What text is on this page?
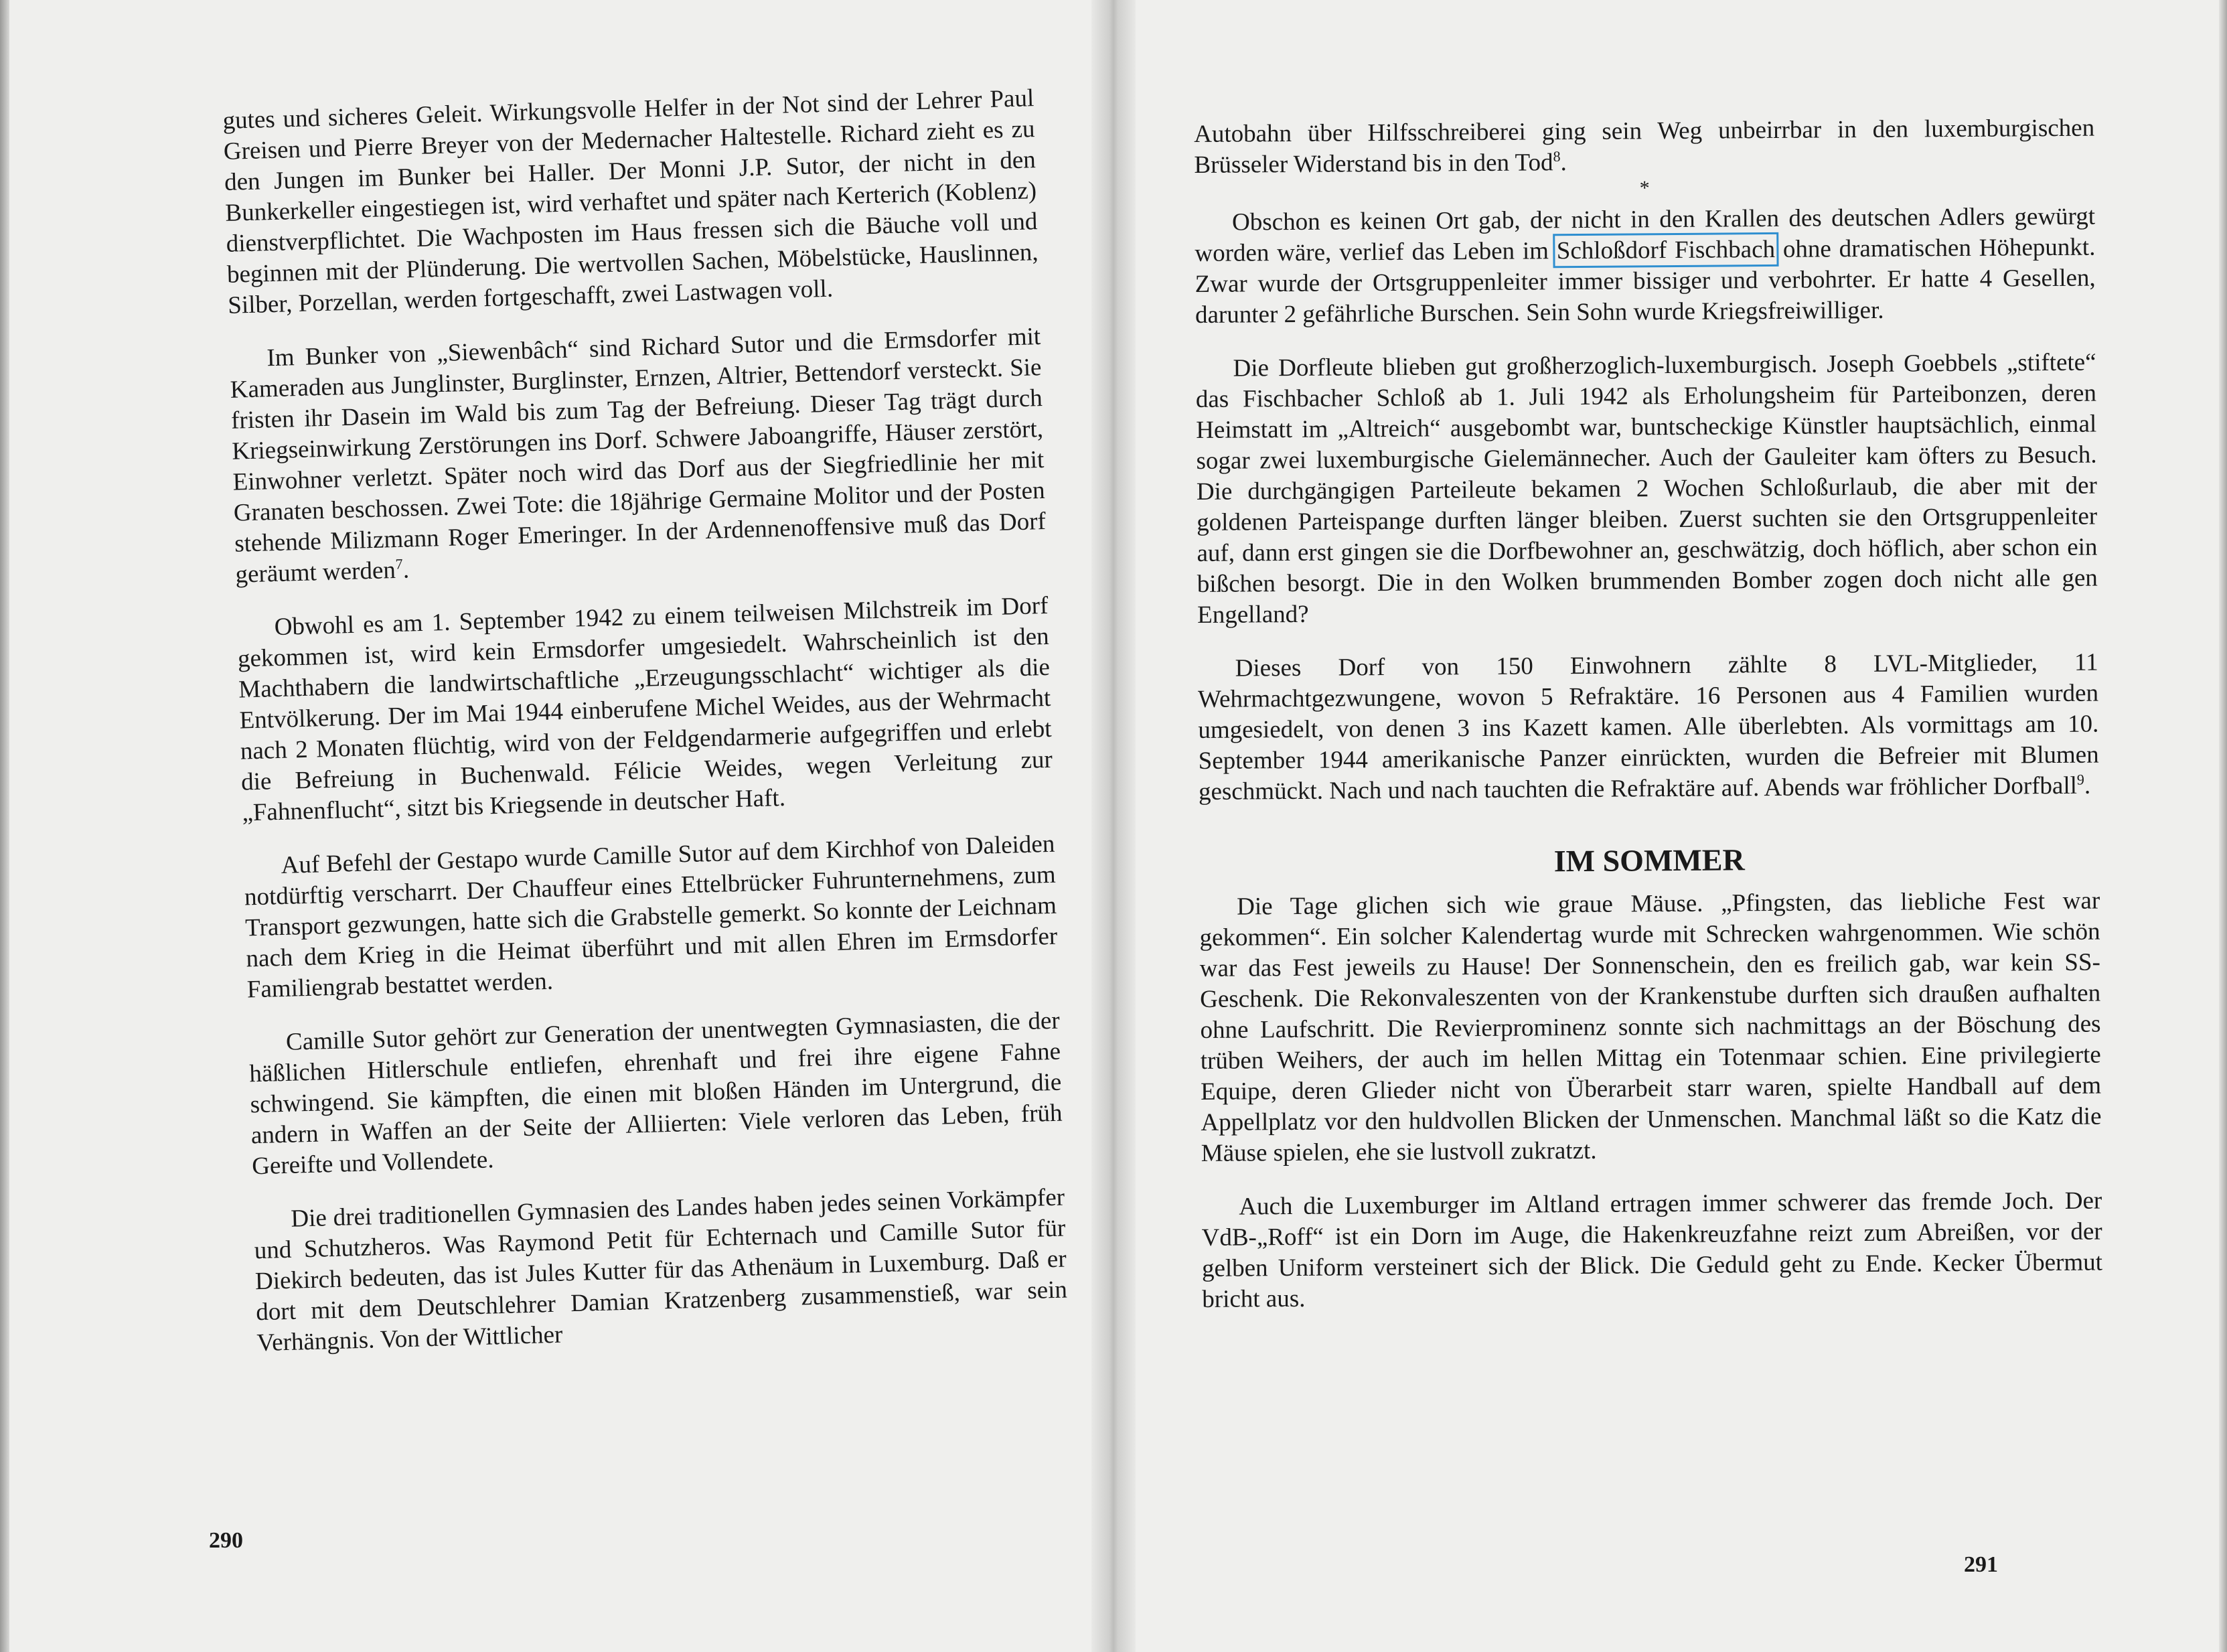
gutes und sicheres Geleit. Wirkungsvolle Helfer in der Not sind der Lehrer Paul Greisen und Pierre Breyer von der Medernacher Haltestelle. Richard zieht es zu den Jungen im Bunker bei Haller. Der Monni J.P. Sutor, der nicht in den Bunkerkeller eingestiegen ist, wird verhaftet und später nach Kerterich (Koblenz) dienstverpflichtet. Die Wachposten im Haus fressen sich die Bäuche voll und beginnen mit der Plünderung. Die wertvollen Sachen, Möbelstücke, Hauslinnen, Silber, Porzellan, werden fortgeschafft, zwei Lastwagen voll.

Im Bunker von „Siewenbâch“ sind Richard Sutor und die Ermsdorfer mit Kameraden aus Junglinster, Burglinster, Ernzen, Altrier, Bettendorf versteckt. Sie fristen ihr Dasein im Wald bis zum Tag der Befreiung. Dieser Tag trägt durch Kriegseinwirkung Zerstörungen ins Dorf. Schwere Jaboangriffe, Häuser zerstört, Einwohner verletzt. Später noch wird das Dorf aus der Siegfriedlinie her mit Granaten beschossen. Zwei Tote: die 18jährige Germaine Molitor und der Posten stehende Milizmann Roger Emeringer. In der Ardennenoffensive muß das Dorf geräumt werden$^7$.

Obwohl es am 1. September 1942 zu einem teilweisen Milchstreik im Dorf gekommen ist, wird kein Ermsdorfer umgesiedelt. Wahrscheinlich ist den Machthabern die landwirtschaftliche „Erzeugungsschlacht“ wichtiger als die Entvölkerung. Der im Mai 1944 einberufene Michel Weides, aus der Wehrmacht nach 2 Monaten flüchtig, wird von der Feldgendarmerie aufgegriffen und erlebt die Befreiung in Buchenwald. Félicie Weides, wegen Verleitung zur „Fahnenflucht“, sitzt bis Kriegsende in deutscher Haft.

Auf Befehl der Gestapo wurde Camille Sutor auf dem Kirchhof von Daleiden notdürftig verscharrt. Der Chauffeur eines Ettelbrücker Fuhrunternehmens, zum Transport gezwungen, hatte sich die Grabstelle gemerkt. So konnte der Leichnam nach dem Krieg in die Heimat überführt und mit allen Ehren im Ermsdorfer Familiengrab bestattet werden.

Camille Sutor gehört zur Generation der unentwegten Gymnasiasten, die der häßlichen Hitlerschule entliefen, ehrenhaft und frei ihre eigene Fahne schwingend. Sie kämpften, die einen mit bloßen Händen im Untergrund, die andern in Waffen an der Seite der Alliierten: Viele verloren das Leben, früh Gereifte und Vollendete.

Die drei traditionellen Gymnasien des Landes haben jedes seinen Vorkämpfer und Schutzheros. Was Raymond Petit für Echternach und Camille Sutor für Diekirch bedeuten, das ist Jules Kutter für das Athenäum in Luxemburg. Daß er dort mit dem Deutschlehrer Damian Kratzenberg zusammenstieß, war sein Verhängnis. Von der Wittlicher

290

Autobahn über Hilfsschreiberei ging sein Weg unbeirrbar in den luxemburgischen Brüsseler Widerstand bis in den Tod$^8$.

*

Obschon es keinen Ort gab, der nicht in den Krallen des deutschen Adlers gewürgt worden wäre, verlief das Leben im Schloßdorf Fischbach ohne dramatischen Höhepunkt. Zwar wurde der Ortsgruppenleiter immer bissiger und verbohrter. Er hatte 4 Gesellen, darunter 2 gefährliche Burschen. Sein Sohn wurde Kriegsfreiwilliger.

Die Dorfleute blieben gut großherzoglich-luxemburgisch. Joseph Goebbels „stiftete“ das Fischbacher Schloß ab 1. Juli 1942 als Erholungsheim für Parteibonzen, deren Heimstatt im „Altreich“ ausgebombt war, buntscheckige Künstler hauptsächlich, einmal sogar zwei luxemburgische Gielemännecher. Auch der Gauleiter kam öfters zu Besuch. Die durchgängigen Parteileute bekamen 2 Wochen Schloßurlaub, die aber mit der goldenen Parteispange durften länger bleiben. Zuerst suchten sie den Ortsgruppenleiter auf, dann erst gingen sie die Dorfbewohner an, geschwätzig, doch höflich, aber schon ein bißchen besorgt. Die in den Wolken brummenden Bomber zogen doch nicht alle gen Engelland?

Dieses Dorf von 150 Einwohnern zählte 8 LVL-Mitglieder, 11 Wehrmachtgezwungene, wovon 5 Refraktäre. 16 Personen aus 4 Familien wurden umgesiedelt, von denen 3 ins Kazett kamen. Alle überlebten. Als vormittags am 10. September 1944 amerikanische Panzer einrückten, wurden die Befreier mit Blumen geschmückt. Nach und nach tauchten die Refraktäre auf. Abends war fröhlicher Dorfball$^9$.

IM SOMMER

Die Tage glichen sich wie graue Mäuse. „Pfingsten, das liebliche Fest war gekommen“. Ein solcher Kalendertag wurde mit Schrecken wahrgenommen. Wie schön war das Fest jeweils zu Hause! Der Sonnenschein, den es freilich gab, war kein SS-Geschenk. Die Rekonvaleszenten von der Krankenstube durften sich draußen aufhalten ohne Laufschritt. Die Revierprominenz sonnte sich nachmittags an der Böschung des trüben Weihers, der auch im hellen Mittag ein Totenmaar schien. Eine privilegierte Equipe, deren Glieder nicht von Überarbeit starr waren, spielte Handball auf dem Appellplatz vor den huldvollen Blicken der Unmenschen. Manchmal läßt so die Katz die Mäuse spielen, ehe sie lustvoll zukratzt.

Auch die Luxemburger im Altland ertragen immer schwerer das fremde Joch. Der VdB-„Roff“ ist ein Dorn im Auge, die Hakenkreuzfahne reizt zum Abreißen, vor der gelben Uniform versteinert sich der Blick. Die Geduld geht zu Ende. Kecker Übermut bricht aus.

291
